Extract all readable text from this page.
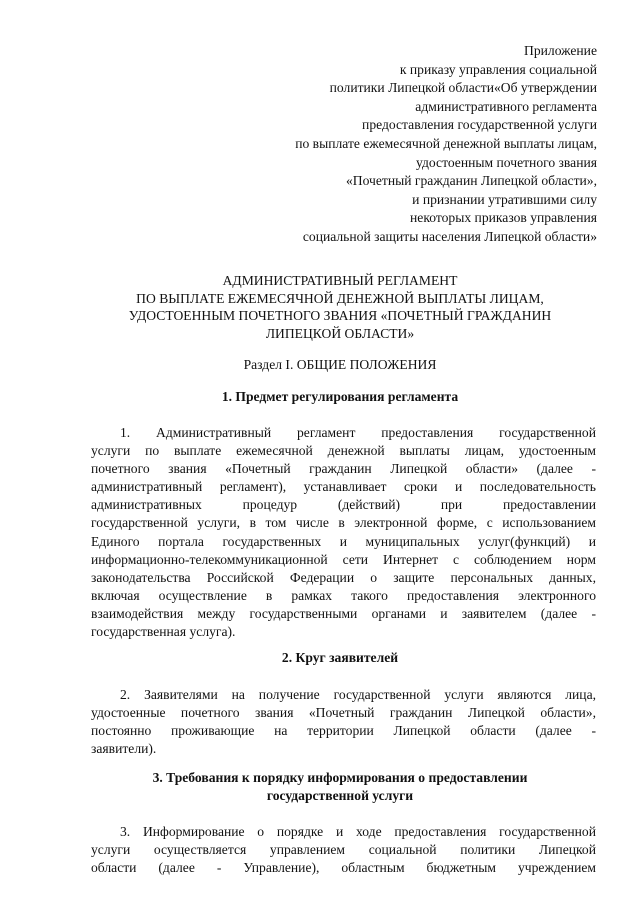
Приложение
к приказу управления социальной
политики Липецкой области«Об утверждении
административного регламента
предоставления государственной услуги
по выплате ежемесячной денежной выплаты лицам,
удостоенным почетного звания
«Почетный гражданин Липецкой области»,
и признании утратившими силу
некоторых приказов управления
социальной защиты населения Липецкой области»
АДМИНИСТРАТИВНЫЙ РЕГЛАМЕНТ
ПО ВЫПЛАТЕ ЕЖЕМЕСЯЧНОЙ ДЕНЕЖНОЙ ВЫПЛАТЫ ЛИЦАМ,
УДОСТОЕННЫМ ПОЧЕТНОГО ЗВАНИЯ «ПОЧЕТНЫЙ ГРАЖДАНИН
ЛИПЕЦКОЙ ОБЛАСТИ»
Раздел I. ОБЩИЕ ПОЛОЖЕНИЯ
1. Предмет регулирования регламента
1. Административный регламент предоставления государственной
услуги по выплате ежемесячной денежной выплаты лицам, удостоенным
почетного звания «Почетный гражданин Липецкой области» (далее -
административный регламент), устанавливает сроки и последовательность
административных процедур (действий) при предоставлении
государственной услуги, в том числе в электронной форме, с использованием
Единого портала государственных и муниципальных услуг(функций) и
информационно-телекоммуникационной сети Интернет с соблюдением норм
законодательства Российской Федерации о защите персональных данных,
включая осуществление в рамках такого предоставления электронного
взаимодействия между государственными органами и заявителем (далее -
государственная услуга).
2. Круг заявителей
2. Заявителями на получение государственной услуги являются лица,
удостоенные почетного звания «Почетный гражданин Липецкой области»,
постоянно проживающие на территории Липецкой области (далее -
заявители).
3. Требования к порядку информирования о предоставлении
государственной услуги
3. Информирование о порядке и ходе предоставления государственной
услуги осуществляется управлением социальной политики Липецкой
области (далее - Управление), областным бюджетным учреждением
